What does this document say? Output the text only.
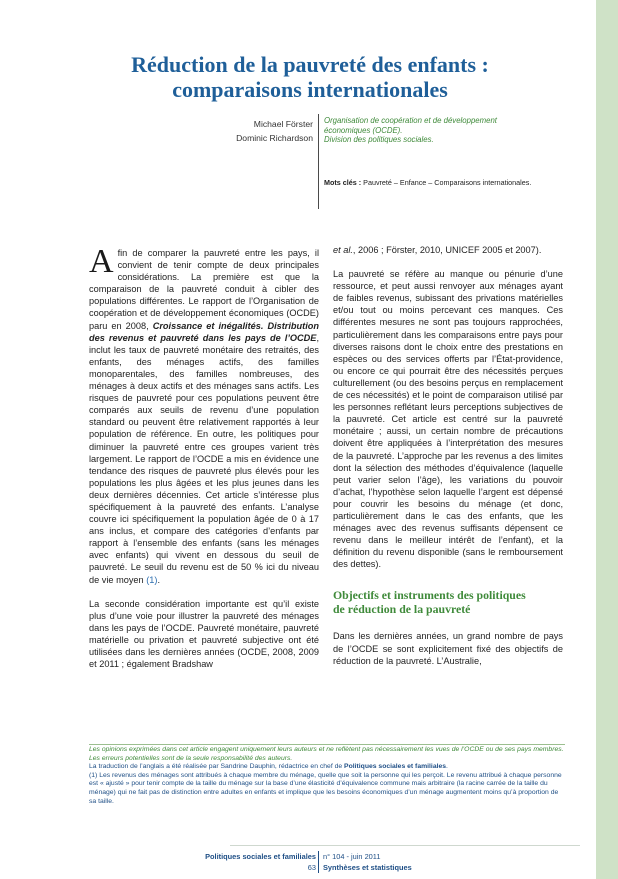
Réduction de la pauvreté des enfants :
comparaisons internationales
Michael Förster
Dominic Richardson
Organisation de coopération et de développement
économiques (OCDE).
Division des politiques sociales.
Mots clés : Pauvreté – Enfance – Comparaisons internationales.

Afin de comparer la pauvreté entre les pays, il convient de tenir compte de deux principales considérations. La première est que la comparaison de la pauvreté conduit à cibler des populations différentes. Le rapport de l’Organisation de coopération et de développement économiques (OCDE) paru en 2008, Croissance et inégalités. Distribution des revenus et pauvreté dans les pays de l’OCDE, inclut les taux de pauvreté monétaire des retraités, des enfants, des ménages actifs, des familles monoparentales, des familles nombreuses, des ménages à deux actifs et des ménages sans actifs. Les risques de pauvreté pour ces populations peuvent être comparés aux seuils de revenu d’une population standard ou peuvent être relativement rapportés à leur population de référence. En outre, les politiques pour diminuer la pauvreté entre ces groupes varient très largement. Le rapport de l’OCDE a mis en évidence une tendance des risques de pauvreté plus élevés pour les populations les plus âgées et les plus jeunes dans les deux dernières décennies. Cet article s’intéresse plus spécifiquement à la pauvreté des enfants. L’analyse couvre ici spécifiquement la population âgée de 0 à 17 ans inclus, et compare des catégories d’enfants par rapport à l’ensemble des enfants (sans les ménages avec enfants) qui vivent en dessous du seuil de pauvreté. Le seuil du revenu est de 50 % ici du niveau de vie moyen (1).

La seconde considération importante est qu’il existe plus d’une voie pour illustrer la pauvreté des ménages dans les pays de l’OCDE. Pauvreté monétaire, pauvreté matérielle ou privation et pauvreté subjective ont été utilisées dans les dernières années (OCDE, 2008, 2009 et 2011 ; également Bradshaw

et al., 2006 ; Förster, 2010, UNICEF 2005 et 2007).

La pauvreté se réfère au manque ou pénurie d’une ressource, et peut aussi renvoyer aux ménages ayant de faibles revenus, subissant des privations matérielles et/ou tout ou moins percevant ces manques. Ces différentes mesures ne sont pas toujours rapprochées, particulièrement dans les comparaisons entre pays pour diverses raisons dont le choix entre des prestations en espèces ou des services offerts par l’État-providence, ou encore ce qui pourrait être des nécessités perçues culturellement (ou des besoins perçus en remplacement de ces nécessités) et le point de comparaison utilisé par les personnes reflétant leurs perceptions subjectives de la pauvreté. Cet article est centré sur la pauvreté monétaire ; aussi, un certain nombre de précautions doivent être appliquées à l’interprétation des mesures de la pauvreté. L’approche par les revenus a des limites dont la sélection des méthodes d’équivalence (laquelle peut varier selon l’âge), les variations du pouvoir d’achat, l’hypothèse selon laquelle l’argent est dépensé pour couvrir les besoins du ménage (et donc, particulièrement dans le cas des enfants, que les ménages avec des revenus suffisants dépensent ce revenu dans le meilleur intérêt de l’enfant), et la définition du revenu disponible (sans le remboursement des dettes).

Objectifs et instruments des politiques
de réduction de la pauvreté

Dans les dernières années, un grand nombre de pays de l’OCDE se sont explicitement fixé des objectifs de réduction de la pauvreté. L’Australie,

Les opinions exprimées dans cet article engagent uniquement leurs auteurs et ne reflètent pas nécessairement les vues de l’OCDE ou de ses pays membres. Les erreurs potentielles sont de la seule responsabilité des auteurs.

La traduction de l’anglais a été réalisée par Sandrine Dauphin, rédactrice en chef de Politiques sociales et familiales.

(1) Les revenus des ménages sont attribués à chaque membre du ménage, quelle que soit la personne qui les perçoit. Le revenu attribué à chaque personne est « ajusté » pour tenir compte de la taille du ménage sur la base d’une élasticité d’équivalence commune mais arbitraire (la racine carrée de la taille du ménage) qui ne fait pas de distinction entre adultes en enfants et implique que les besoins économiques d’un ménage augmentent moins qu’à proportion de sa taille.

Politiques sociales et familiales
63
n° 104 - juin 2011
Synthèses et statistiques
